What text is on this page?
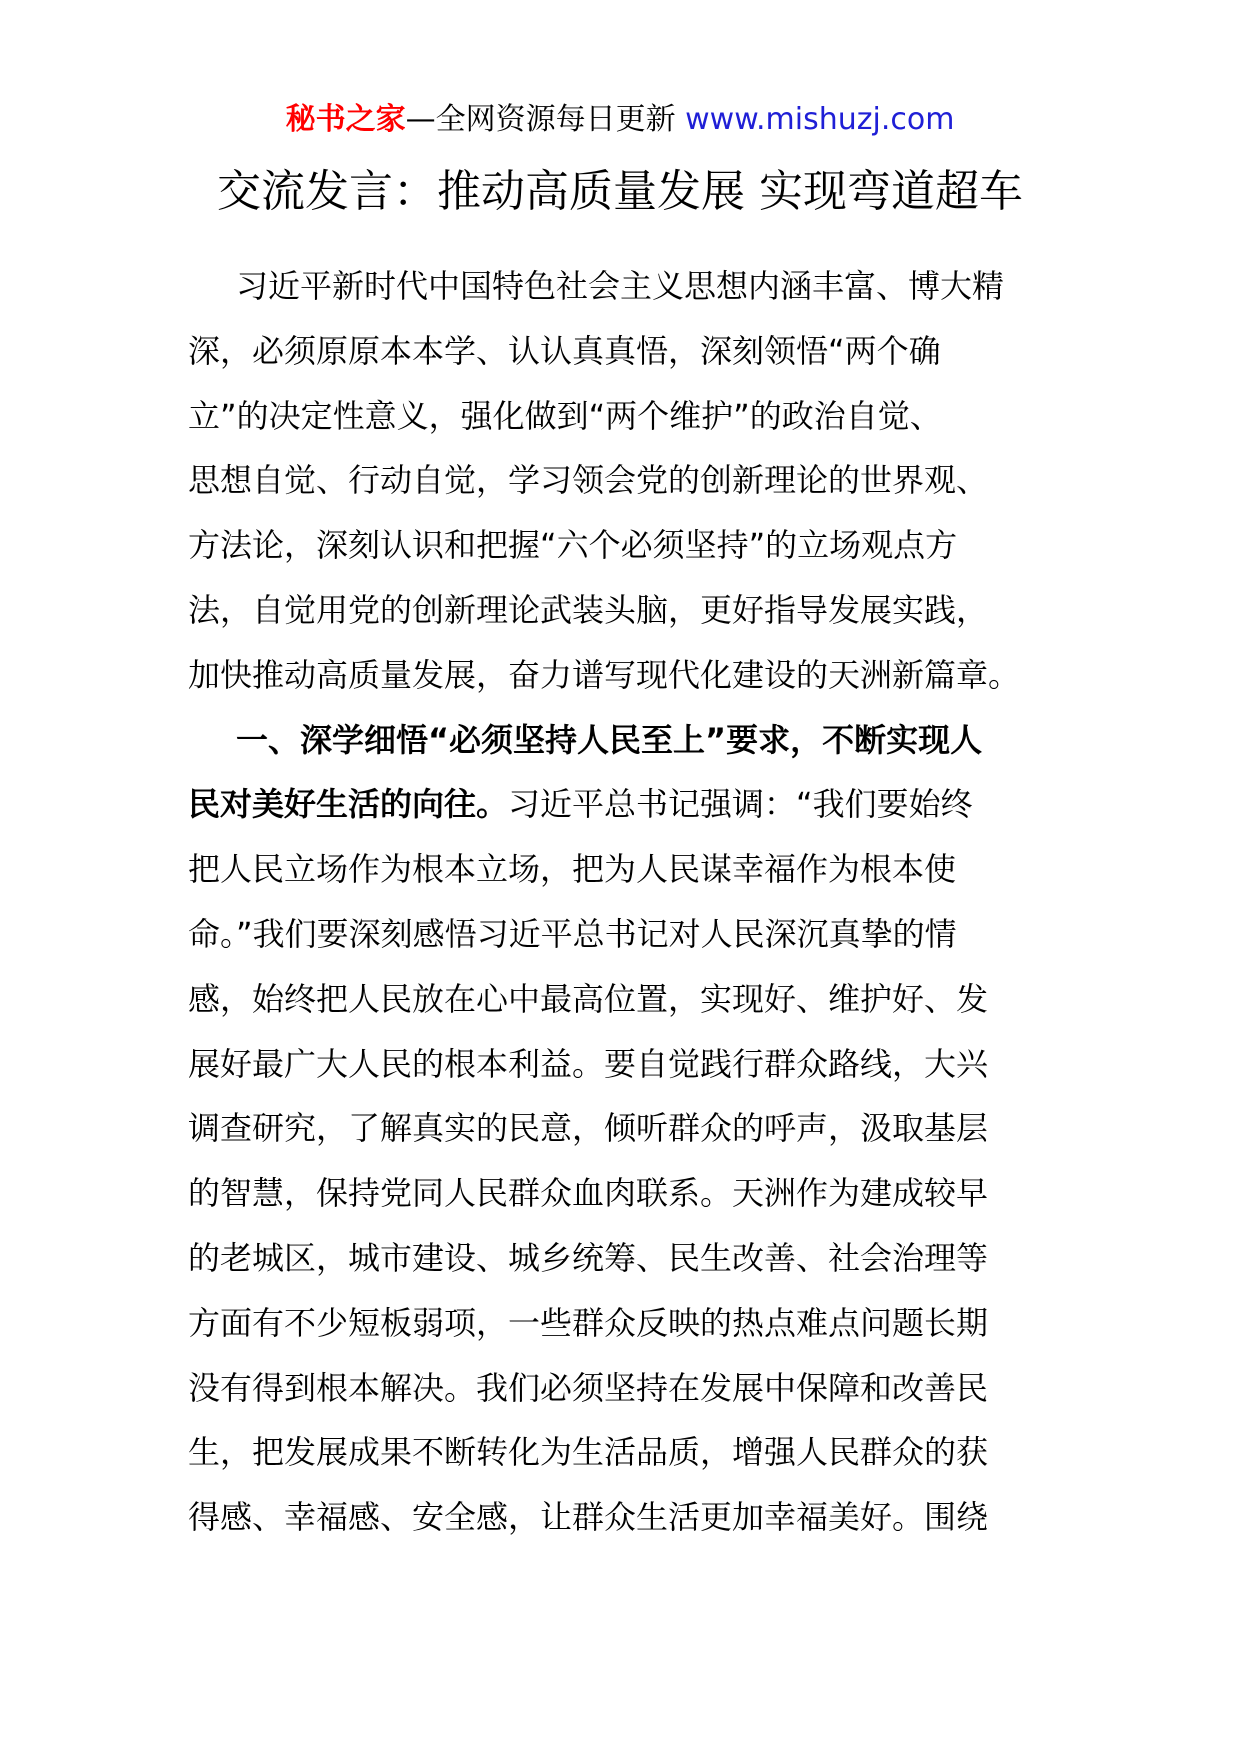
秘书之家—全网资源每日更新 www.mishuzj.com
交流发言：推动高质量发展 实现弯道超车
习近平新时代中国特色社会主义思想内涵丰富、博大精
深，必须原原本本学、认认真真悟，深刻领悟“两个确
立”的决定性意义，强化做到“两个维护”的政治自觉、
思想自觉、行动自觉，学习领会党的创新理论的世界观、
方法论，深刻认识和把握“六个必须坚持”的立场观点方
法，自觉用党的创新理论武装头脑，更好指导发展实践，
加快推动高质量发展，奋力谱写现代化建设的天洲新篇章。
一、深学细悟“必须坚持人民至上”要求，不断实现人
民对美好生活的向往。习近平总书记强调：“我们要始终
把人民立场作为根本立场，把为人民谋幸福作为根本使
命。”我们要深刻感悟习近平总书记对人民深沉真挚的情
感，始终把人民放在心中最高位置，实现好、维护好、发
展好最广大人民的根本利益。要自觉践行群众路线，大兴
调查研究，了解真实的民意，倾听群众的呼声，汲取基层
的智慧，保持党同人民群众血肉联系。天洲作为建成较早
的老城区，城市建设、城乡统筹、民生改善、社会治理等
方面有不少短板弱项，一些群众反映的热点难点问题长期
没有得到根本解决。我们必须坚持在发展中保障和改善民
生，把发展成果不断转化为生活品质，增强人民群众的获
得感、幸福感、安全感，让群众生活更加幸福美好。围绕
